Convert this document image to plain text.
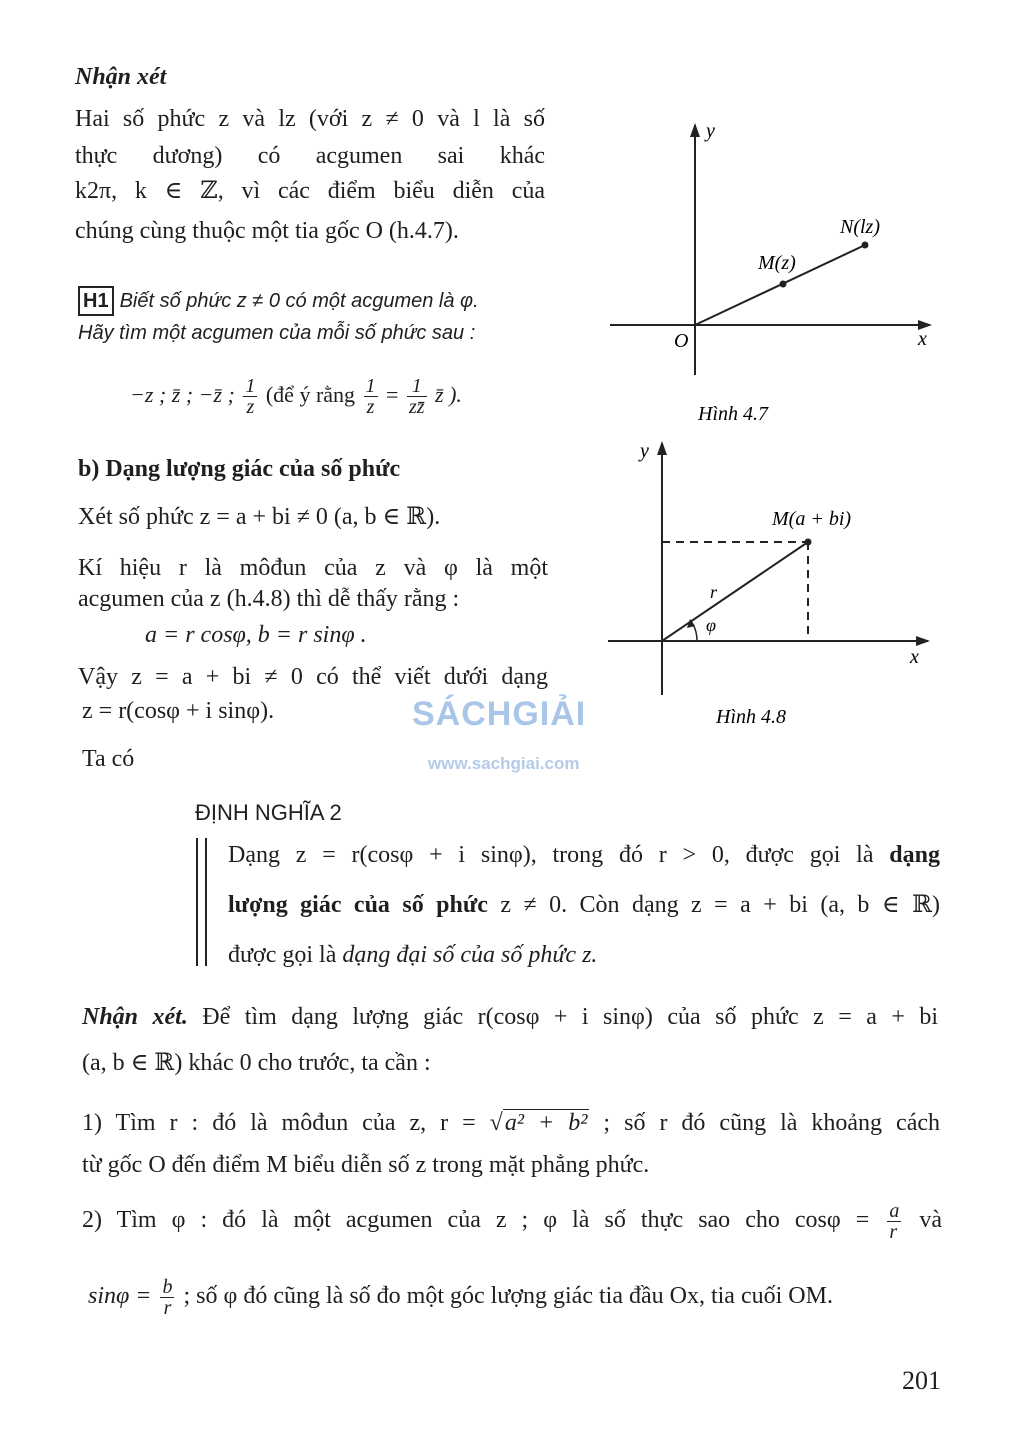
Nhận xét
Hai số phức z và lz (với z ≠ 0 và l là số
thực dương) có acgumen sai khác
k2π, k ∈ ℤ, vì các điểm biểu diễn của
chúng cùng thuộc một tia gốc O (h.4.7).
H1 Biết số phức z ≠ 0 có một acgumen là φ.
Hãy tìm một acgumen của mỗi số phức sau :
−z ; z̄ ; −z̄ ; $\frac{1}{z}$ (để ý rằng $\frac{1}{z} = \frac{1}{zz̄}$ z̄ ).
y
x
O
M(z)
N(lz)
Hình 4.7
b) Dạng lượng giác của số phức
Xét số phức z = a + bi ≠ 0 (a, b ∈ ℝ).
Kí hiệu r là môđun của z và φ là một
acgumen của z (h.4.8) thì dễ thấy rằng :
a = r cosφ, b = r sinφ .
Vậy z = a + bi ≠ 0 có thể viết dưới dạng
z = r(cosφ + i sinφ).
Ta có
y
x
M(a + bi)
r
φ
Hình 4.8
SÁCHGIẢI
www.sachgiai.com
ĐỊNH NGHĨA 2
Dạng z = r(cosφ + i sinφ), trong đó r > 0, được gọi là dạng
lượng giác của số phức z ≠ 0. Còn dạng z = a + bi (a, b ∈ ℝ)
được gọi là dạng đại số của số phức z.
Nhận xét. Để tìm dạng lượng giác r(cosφ + i sinφ) của số phức z = a + bi
(a, b ∈ ℝ) khác 0 cho trước, ta cần :
1) Tìm r : đó là môđun của z, r = √a² + b² ; số r đó cũng là khoảng cách
từ gốc O đến điểm M biểu diễn số z trong mặt phẳng phức.
2) Tìm φ : đó là một acgumen của z ; φ là số thực sao cho $\cos\varphi = \frac{a}{r}$ và
$\sin\varphi = \frac{b}{r}$ ; số φ đó cũng là số đo một góc lượng giác tia đầu Ox, tia cuối OM.
201
